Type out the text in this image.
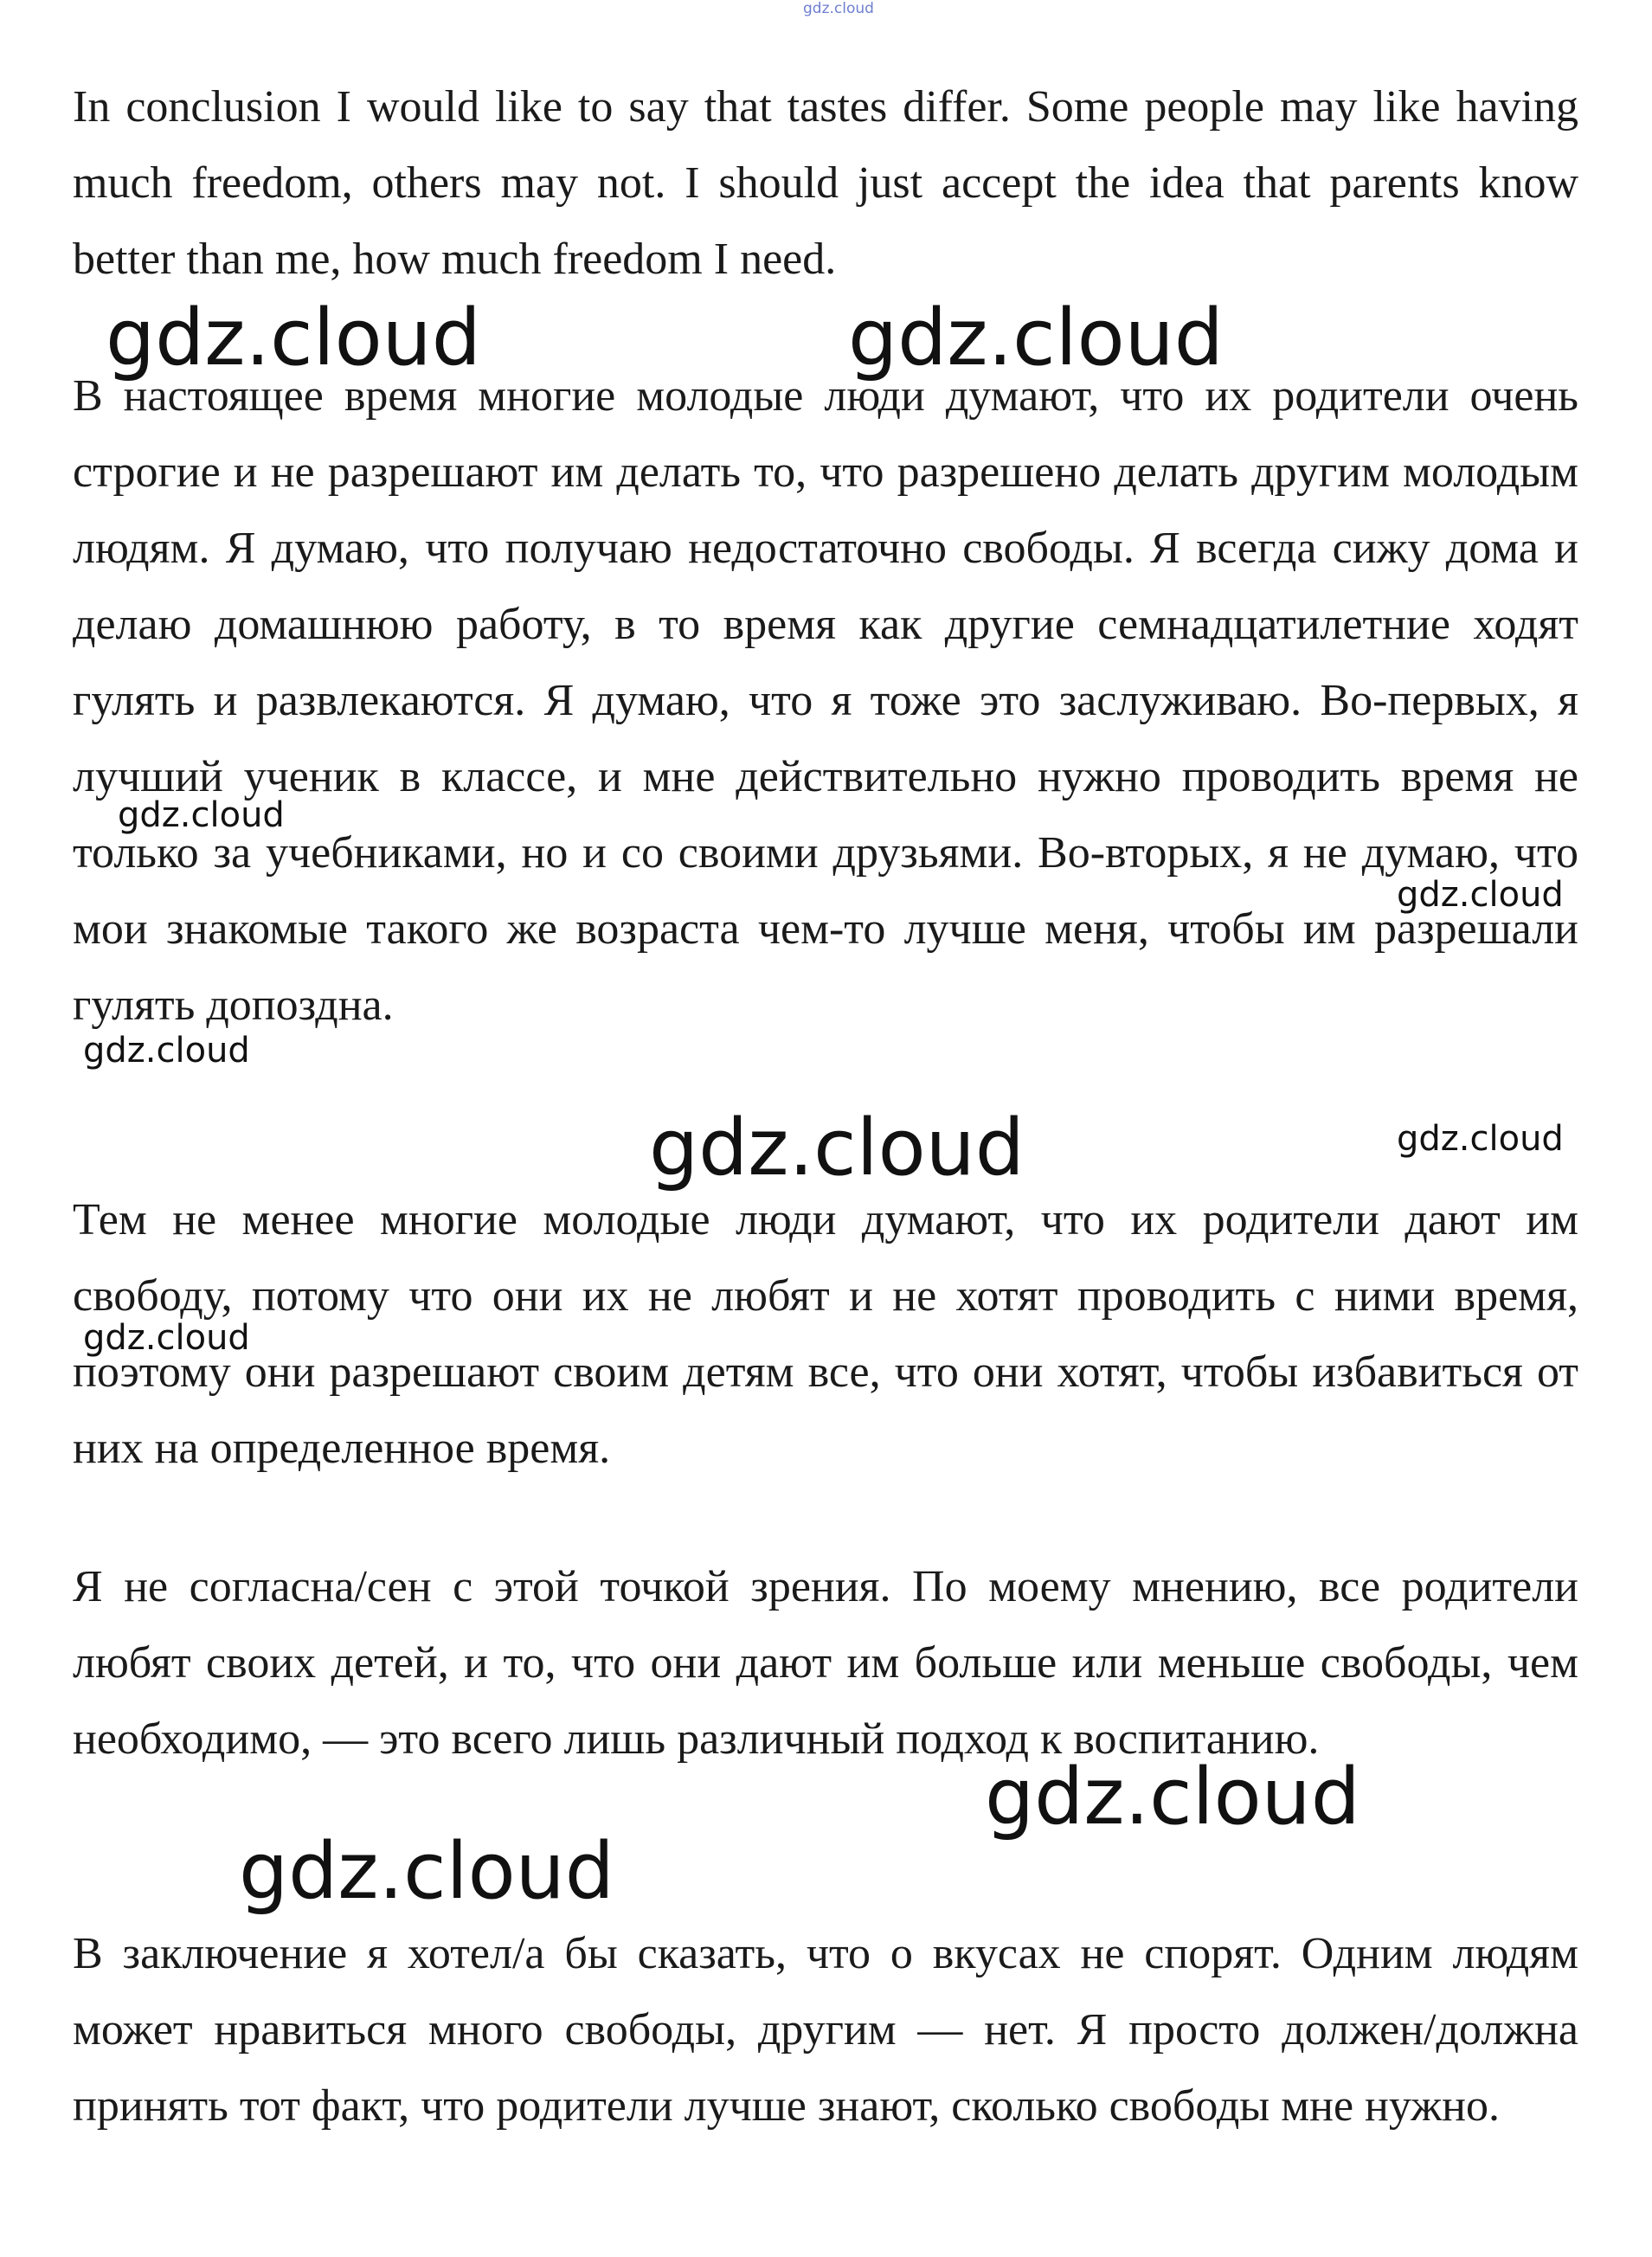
In conclusion I would like to say that tastes differ. Some people may like having much freedom, others may not. I should just accept the idea that parents know better than me, how much freedom I need.

В настоящее время многие молодые люди думают, что их родители очень строгие и не разрешают им делать то, что разрешено делать другим молодым людям. Я думаю, что получаю недостаточно свободы. Я всегда сижу дома и делаю домашнюю работу, в то время как другие семнадцатилетние ходят гулять и развлекаются. Я думаю, что я тоже это заслуживаю. Во-первых, я лучший ученик в классе, и мне действительно нужно проводить время не только за учебниками, но и со своими друзьями. Во-вторых, я не думаю, что мои знакомые такого же возраста чем-то лучше меня, чтобы им разрешали гулять допоздна.

Тем не менее многие молодые люди думают, что их родители дают им свободу, потому что они их не любят и не хотят проводить с ними время, поэтому они разрешают своим детям все, что они хотят, чтобы избавиться от них на определенное время.

Я не согласна/сен с этой точкой зрения. По моему мнению, все родители любят своих детей, и то, что они дают им больше или меньше свободы, чем необходимо, — это всего лишь различный подход к воспитанию.

В заключение я хотел/а бы сказать, что о вкусах не спорят. Одним людям может нравиться много свободы, другим — нет. Я просто должен/должна принять тот факт, что родители лучше знают, сколько свободы мне нужно.

gdz.cloud
gdz.cloud	gdz.cloud
gdz.cloud
gdz.cloud
gdz.cloud
gdz.cloud	gdz.cloud
gdz.cloud
gdz.cloud
gdz.cloud
